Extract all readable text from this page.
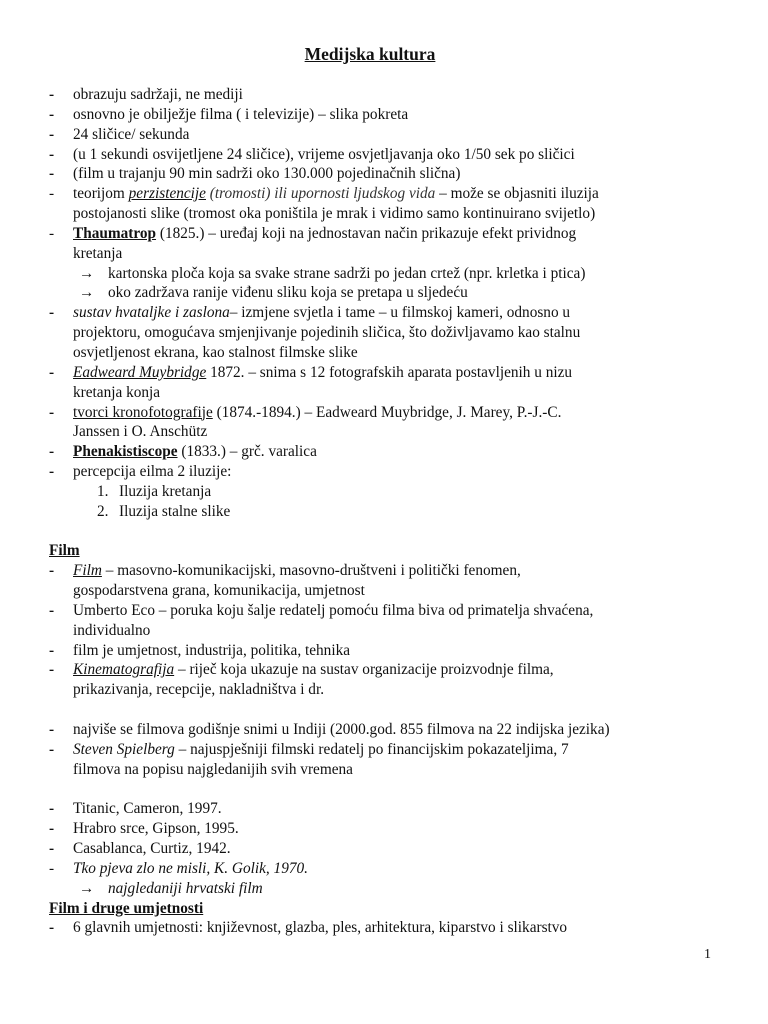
Medijska kultura
- obrazuju sadržaji, ne mediji
- osnovno je obilježje filma ( i televizije) – slika pokreta
- 24 sličice/ sekunda
- (u 1 sekundi osvijetljene 24 sličice), vrijeme osvjetljavanja oko 1/50 sek po sličici
- (film u trajanju 90 min sadrži oko 130.000 pojedinačnih slična)
- teorijom perzistencije (tromosti) ili upornosti ljudskog vida – može se objasniti iluzija
postojanosti slike (tromost oka poništila je mrak i vidimo samo kontinuirano svijetlo)
- Thaumatrop (1825.) – uređaj koji na jednostavan način prikazuje efekt prividnog
kretanja
→ kartonska ploča koja sa svake strane sadrži po jedan crtež (npr. krletka i ptica)
→ oko zadržava ranije viđenu sliku koja se pretapa u sljedeću
- sustav hvataljke i zaslona– izmjene svjetla i tame – u filmskoj kameri, odnosno u
projektoru, omogućava smjenjivanje pojedinih sličica, što doživljavamo kao stalnu
osvjetljenost ekrana, kao stalnost filmske slike
- Eadweard Muybridge 1872. – snima s 12 fotografskih aparata postavljenih u nizu
kretanja konja
- tvorci kronofotografije (1874.-1894.) – Eadweard Muybridge, J. Marey, P.-J.-C.
Janssen i O. Anschütz
- Phenakistiscope (1833.) – grč. varalica
- percepcija eilma 2 iluzije:
1. Iluzija kretanja
2. Iluzija stalne slike
Film
- Film – masovno-komunikacijski, masovno-društveni i politički fenomen,
gospodarstvena grana, komunikacija, umjetnost
- Umberto Eco – poruka koju šalje redatelj pomoću filma biva od primatelja shvaćena,
individualno
- film je umjetnost, industrija, politika, tehnika
- Kinematografija – riječ koja ukazuje na sustav organizacije proizvodnje filma,
prikazivanja, recepcije, nakladništva i dr.
- najviše se filmova godišnje snimi u Indiji (2000.god. 855 filmova na 22 indijska jezika)
- Steven Spielberg – najuspješniji filmski redatelj po financijskim pokazateljima, 7
filmova na popisu najgledanijih svih vremena
- Titanic, Cameron, 1997.
- Hrabro srce, Gipson, 1995.
- Casablanca, Curtiz, 1942.
- Tko pjeva zlo ne misli, K. Golik, 1970.
→ najgledaniji hrvatski film
Film i druge umjetnosti
- 6 glavnih umjetnosti: književnost, glazba, ples, arhitektura, kiparstvo i slikarstvo
1
